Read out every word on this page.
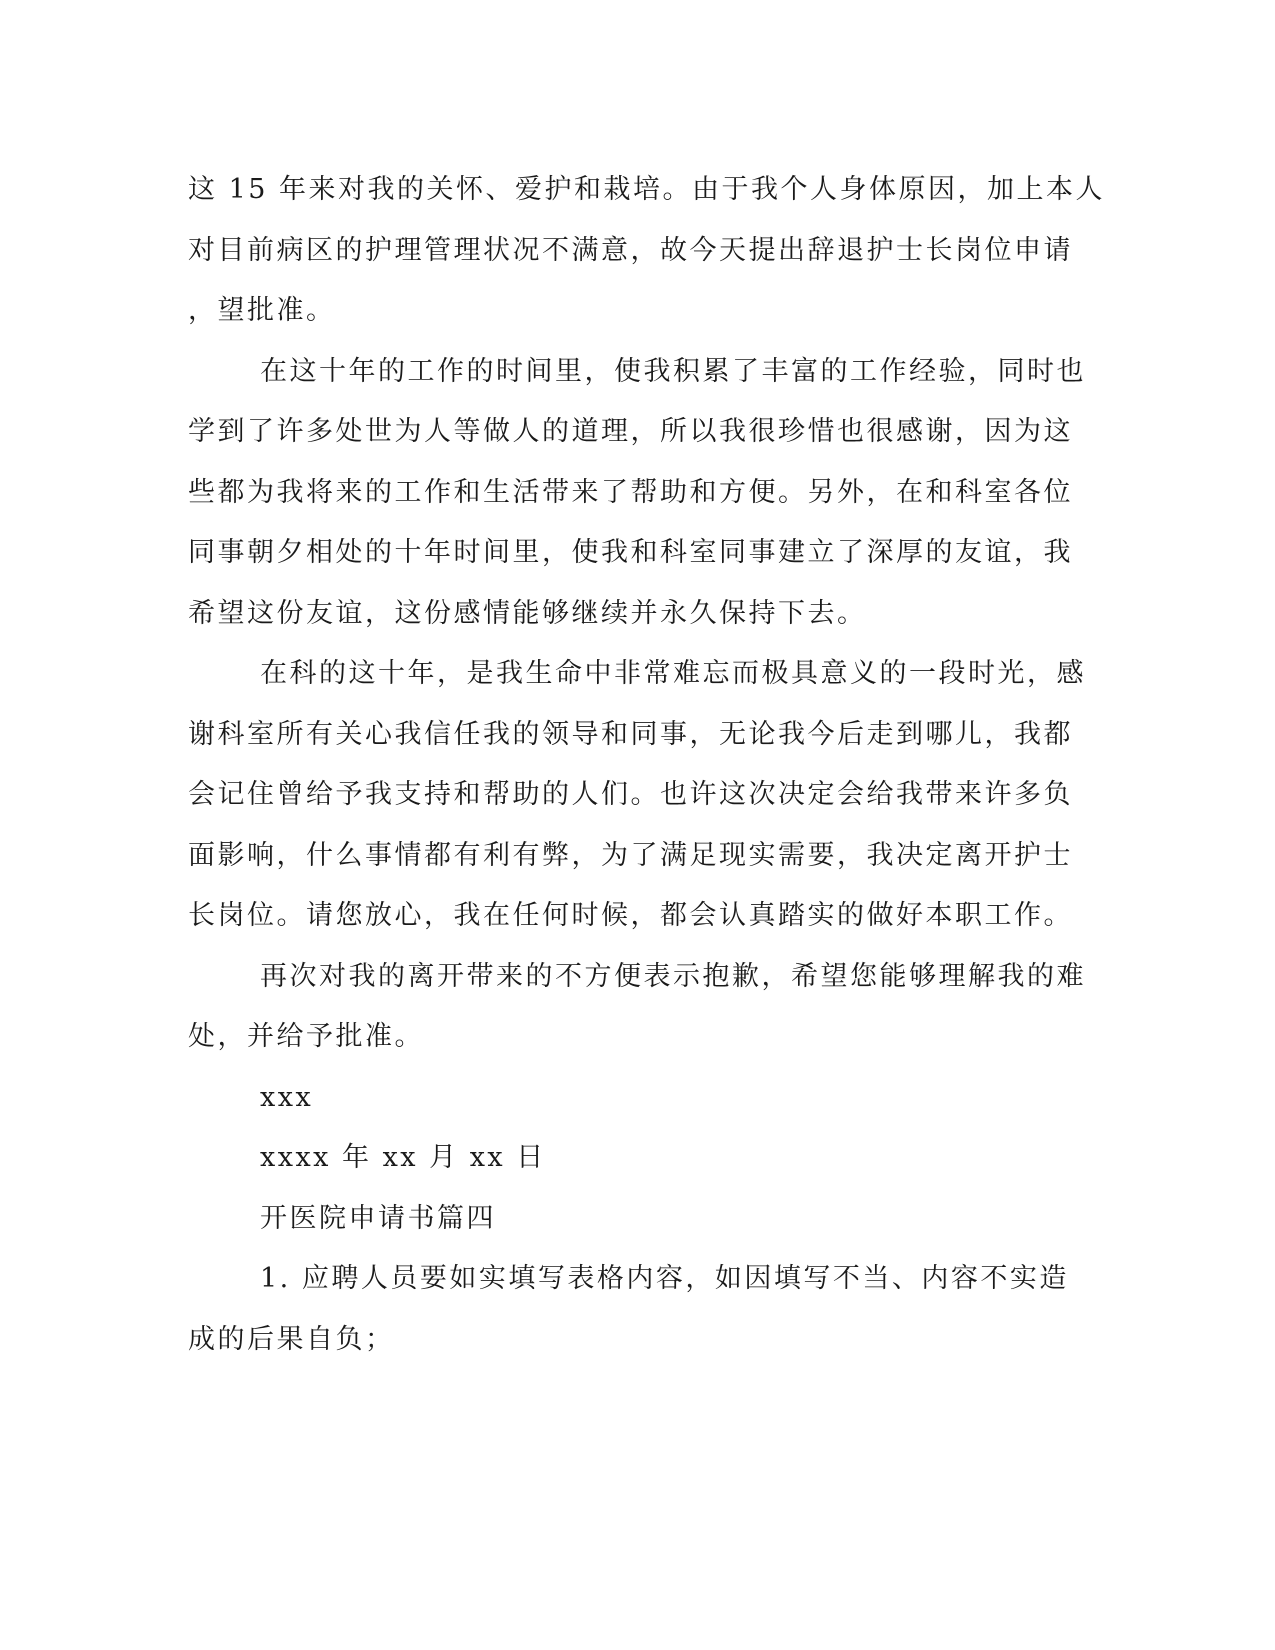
这 15 年来对我的关怀、爱护和栽培。由于我个人身体原因，加上本人
对目前病区的护理管理状况不满意，故今天提出辞退护士长岗位申请
，望批准。
在这十年的工作的时间里，使我积累了丰富的工作经验，同时也
学到了许多处世为人等做人的道理，所以我很珍惜也很感谢，因为这
些都为我将来的工作和生活带来了帮助和方便。另外，在和科室各位
同事朝夕相处的十年时间里，使我和科室同事建立了深厚的友谊，我
希望这份友谊，这份感情能够继续并永久保持下去。
在科的这十年，是我生命中非常难忘而极具意义的一段时光，感
谢科室所有关心我信任我的领导和同事，无论我今后走到哪儿，我都
会记住曾给予我支持和帮助的人们。也许这次决定会给我带来许多负
面影响，什么事情都有利有弊，为了满足现实需要，我决定离开护士
长岗位。请您放心，我在任何时候，都会认真踏实的做好本职工作。
再次对我的离开带来的不方便表示抱歉，希望您能够理解我的难
处，并给予批准。
xxx
xxxx 年 xx 月 xx 日
开医院申请书篇四
1. 应聘人员要如实填写表格内容，如因填写不当、内容不实造
成的后果自负；
